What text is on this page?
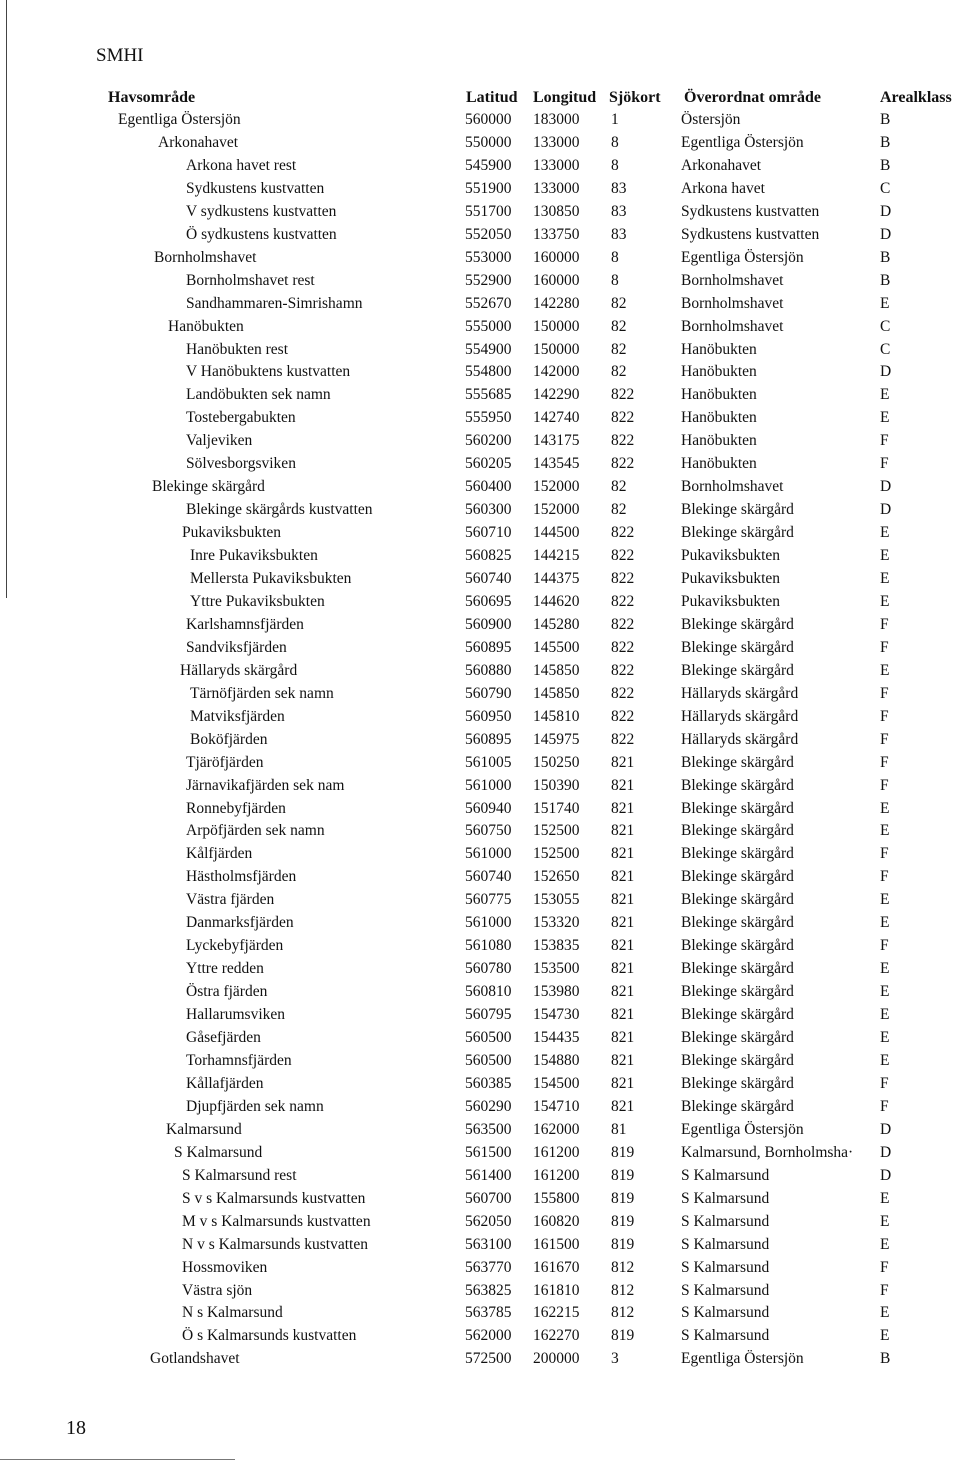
SMHI
Havsområde	Latitud Longitud Sjökort Överordnat område	Arealklass
Egentliga Östersjön	560000 183000 1	Östersjön	B
Arkonahavet	550000 133000 8	Egentliga Östersjön	B
Arkona havet rest	545900 133000 8	Arkonahavet	B
Sydkustens kustvatten	551900 133000 83	Arkona havet	C
V sydkustens kustvatten	551700 130850 83	Sydkustens kustvatten	D
Ö sydkustens kustvatten	552050 133750 83	Sydkustens kustvatten	D
Bornholmshavet	553000 160000 8	Egentliga Östersjön	B
Bornholmshavet rest	552900 160000 8	Bornholmshavet	B
Sandhammaren-Simrishamn	552670 142280 82	Bornholmshavet	E
Hanöbukten	555000 150000 82	Bornholmshavet	C
Hanöbukten rest	554900 150000 82	Hanöbukten	C
V Hanöbuktens kustvatten	554800 142000 82	Hanöbukten	D
Landöbukten sek namn	555685 142290 822	Hanöbukten	E
Tostebergabukten	555950 142740 822	Hanöbukten	E
Valjeviken	560200 143175 822	Hanöbukten	F
Sölvesborgsviken	560205 143545 822	Hanöbukten	F
Blekinge skärgård	560400 152000 82	Bornholmshavet	D
Blekinge skärgårds kustvatten	560300 152000 82	Blekinge skärgård	D
Pukaviksbukten	560710 144500 822	Blekinge skärgård	E
Inre Pukaviksbukten	560825 144215 822	Pukaviksbukten	E
Mellersta Pukaviksbukten	560740 144375 822	Pukaviksbukten	E
Yttre Pukaviksbukten	560695 144620 822	Pukaviksbukten	E
Karlshamnsfjärden	560900 145280 822	Blekinge skärgård	F
Sandviksfjärden	560895 145500 822	Blekinge skärgård	F
Hällaryds skärgård	560880 145850 822	Blekinge skärgård	E
Tärnöfjärden sek namn	560790 145850 822	Hällaryds skärgård	F
Matviksfjärden	560950 145810 822	Hällaryds skärgård	F
Boköfjärden	560895 145975 822	Hällaryds skärgård	F
Tjäröfjärden	561005 150250 821	Blekinge skärgård	F
Järnavikafjärden sek nam	561000 150390 821	Blekinge skärgård	F
Ronnebyfjärden	560940 151740 821	Blekinge skärgård	E
Arpöfjärden sek namn	560750 152500 821	Blekinge skärgård	E
Kålfjärden	561000 152500 821	Blekinge skärgård	F
Hästholmsfjärden	560740 152650 821	Blekinge skärgård	F
Västra fjärden	560775 153055 821	Blekinge skärgård	E
Danmarksfjärden	561000 153320 821	Blekinge skärgård	E
Lyckebyfjärden	561080 153835 821	Blekinge skärgård	F
Yttre redden	560780 153500 821	Blekinge skärgård	E
Östra fjärden	560810 153980 821	Blekinge skärgård	E
Hallarumsviken	560795 154730 821	Blekinge skärgård	E
Gåsefjärden	560500 154435 821	Blekinge skärgård	E
Torhamnsfjärden	560500 154880 821	Blekinge skärgård	E
Kållafjärden	560385 154500 821	Blekinge skärgård	F
Djupfjärden sek namn	560290 154710 821	Blekinge skärgård	F
Kalmarsund	563500 162000 81	Egentliga Östersjön	D
S Kalmarsund	561500 161200 819	Kalmarsund, Bornholmsha· D
S Kalmarsund rest	561400 161200 819	S Kalmarsund	D
S v s Kalmarsunds kustvatten	560700 155800 819	S Kalmarsund	E
M v s Kalmarsunds kustvatten	562050 160820 819	S Kalmarsund	E
N v s Kalmarsunds kustvatten	563100 161500 819	S Kalmarsund	E
Hossmoviken	563770 161670 812	S Kalmarsund	F
Västra sjön	563825 161810 812	S Kalmarsund	F
N s Kalmarsund	563785 162215 812	S Kalmarsund	E
Ö s Kalmarsunds kustvatten	562000 162270 819	S Kalmarsund	E
Gotlandshavet	572500 200000 3	Egentliga Östersjön	B
18
